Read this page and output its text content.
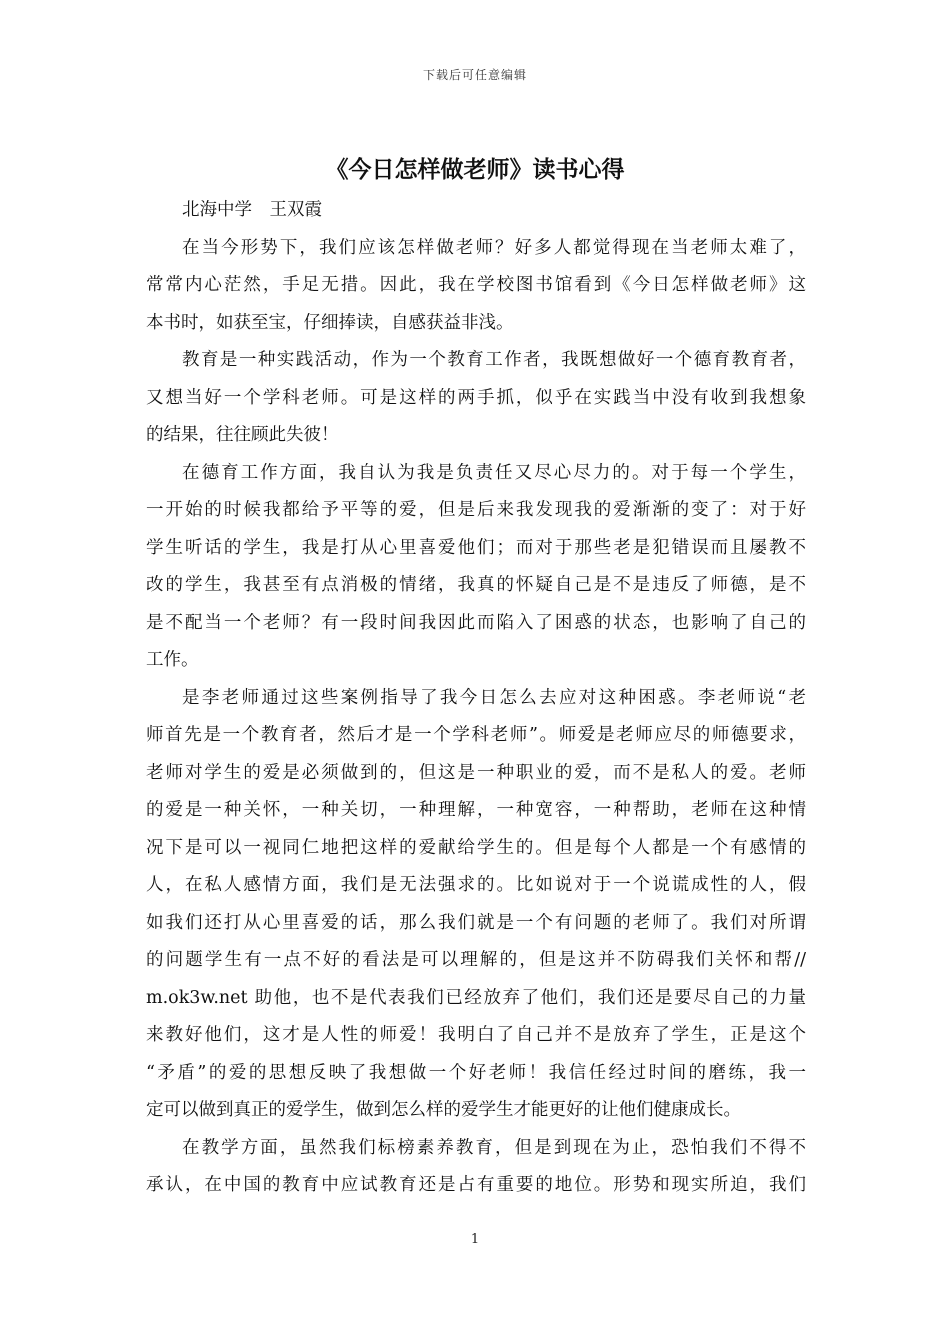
下载后可任意编辑
《今日怎样做老师》读书心得
北海中学　王双霞
在当今形势下，我们应该怎样做老师？好多人都觉得现在当老师太难了，
常常内心茫然，手足无措。因此，我在学校图书馆看到《今日怎样做老师》这
本书时，如获至宝，仔细捧读，自感获益非浅。
教育是一种实践活动，作为一个教育工作者，我既想做好一个德育教育者，
又想当好一个学科老师。可是这样的两手抓，似乎在实践当中没有收到我想象
的结果，往往顾此失彼！
在德育工作方面，我自认为我是负责任又尽心尽力的。对于每一个学生，
一开始的时候我都给予平等的爱，但是后来我发现我的爱渐渐的变了：对于好
学生听话的学生，我是打从心里喜爱他们；而对于那些老是犯错误而且屡教不
改的学生，我甚至有点消极的情绪，我真的怀疑自己是不是违反了师德，是不
是不配当一个老师？有一段时间我因此而陷入了困惑的状态，也影响了自己的
工作。
是李老师通过这些案例指导了我今日怎么去应对这种困惑。李老师说“老
师首先是一个教育者，然后才是一个学科老师”。师爱是老师应尽的师德要求，
老师对学生的爱是必须做到的，但这是一种职业的爱，而不是私人的爱。老师
的爱是一种关怀，一种关切，一种理解，一种宽容，一种帮助，老师在这种情
况下是可以一视同仁地把这样的爱献给学生的。但是每个人都是一个有感情的
人，在私人感情方面，我们是无法强求的。比如说对于一个说谎成性的人，假
如我们还打从心里喜爱的话，那么我们就是一个有问题的老师了。我们对所谓
的问题学生有一点不好的看法是可以理解的，但是这并不防碍我们关怀和帮//
m.ok3w.net 助他，也不是代表我们已经放弃了他们，我们还是要尽自己的力量
来教好他们，这才是人性的师爱！我明白了自己并不是放弃了学生，正是这个
“矛盾”的爱的思想反映了我想做一个好老师！我信任经过时间的磨练，我一
定可以做到真正的爱学生，做到怎么样的爱学生才能更好的让他们健康成长。
在教学方面，虽然我们标榜素养教育，但是到现在为止，恐怕我们不得不
承认，在中国的教育中应试教育还是占有重要的地位。形势和现实所迫，我们
1
